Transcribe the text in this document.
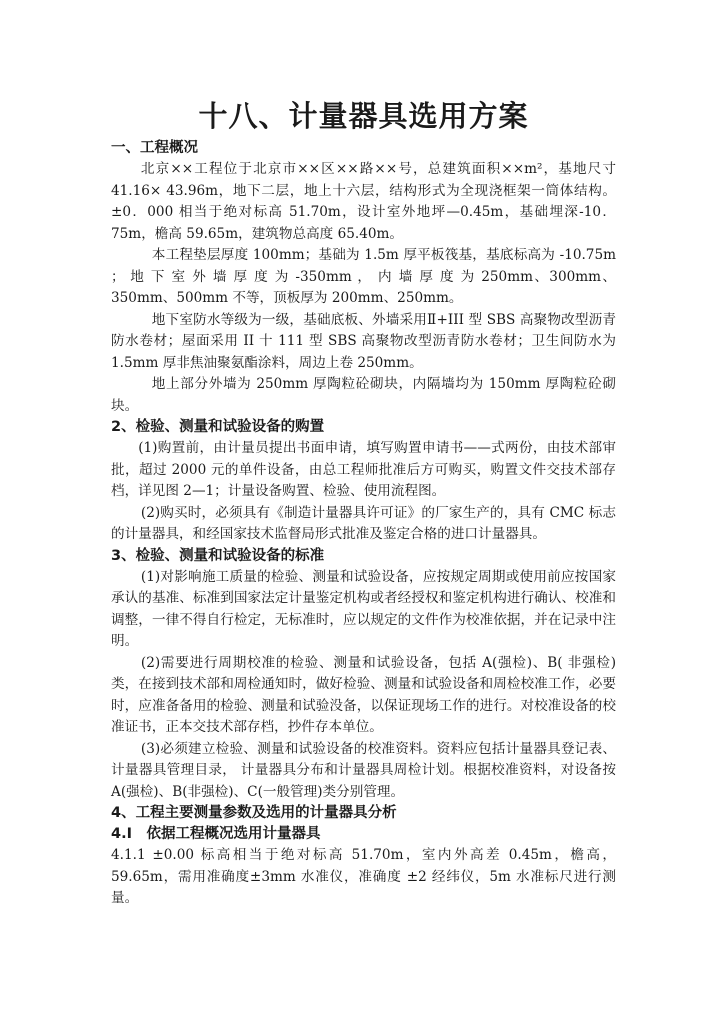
十八、计量器具选用方案
一、工程概况

北京××工程位于北京市××区××路××号，总建筑面积××m²，基地尺寸 41.16× 43.96m，地下二层，地上十六层，结构形式为全现浇框架一筒体结构。±0．000 相当于绝对标高 51.70m，设计室外地坪—0.45m，基础埋深-10．75m，檐高 59.65m，建筑物总高度 65.40m。

本工程垫层厚度 100mm；基础为 1.5m 厚平板筏基，基底标高为 -10.75m ； 地 下 室 外 墙 厚 度 为 -350mm ， 内 墙 厚 度 为 250mm、300mm、350mm、500mm 不等，顶板厚为 200mm、250mm。

地下室防水等级为一级，基础底板、外墙采用Ⅱ+III 型 SBS 高聚物改型沥青防水卷材；屋面采用 II 十 111 型 SBS 高聚物改型沥青防水卷材；卫生间防水为 1.5mm 厚非焦油聚氨酯涂料，周边上卷 250mm。

地上部分外墙为 250mm 厚陶粒砼砌块，内隔墙均为 150mm 厚陶粒砼砌块。

2、检验、测量和试验设备的购置

(1)购置前，由计量员提出书面申请，填写购置申请书——式两份，由技术部审批，超过 2000 元的单件设备，由总工程师批准后方可购买，购置文件交技术部存档，详见图 2—1；计量设备购置、检验、使用流程图。

(2)购买时，必须具有《制造计量器具许可证》的厂家生产的，具有 CMC 标志的计量器具，和经国家技术监督局形式批准及鉴定合格的进口计量器具。

3、检验、测量和试验设备的标准

(1)对影响施工质量的检验、测量和试验设备，应按规定周期或使用前应按国家承认的基准、标准到国家法定计量鉴定机构或者经授权和鉴定机构进行确认、校准和调整，一律不得自行检定，无标准时，应以规定的文件作为校准依据，并在记录中注明。

(2)需要进行周期校准的检验、测量和试验设备，包括 A(强检)、B( 非强检)类，在接到技术部和周检通知时，做好检验、测量和试验设备和周检校准工作，必要时，应准备备用的检验、测量和试验没备，以保证现场工作的进行。对校准设备的校准证书，正本交技术部存档，抄件存本单位。

(3)必须建立检验、测量和试验设备的校准资料。资料应包括计量器具登记表、计量器具管理目录， 计量器具分布和计量器具周检计划。根据校准资料，对设备按 A(强检)、B(非强检)、C(一般管理)类分别管理。

4、工程主要测量参数及选用的计量器具分析
4.Ⅰ　依据工程概况选用计量器具

4.1.1 ±0.00 标高相当于绝对标高 51.70m，室内外高差 0.45m，檐高，59.65m，需用准确度±3mm 水准仪，准确度 ±2 经纬仪，5m 水准标尺进行测量。
